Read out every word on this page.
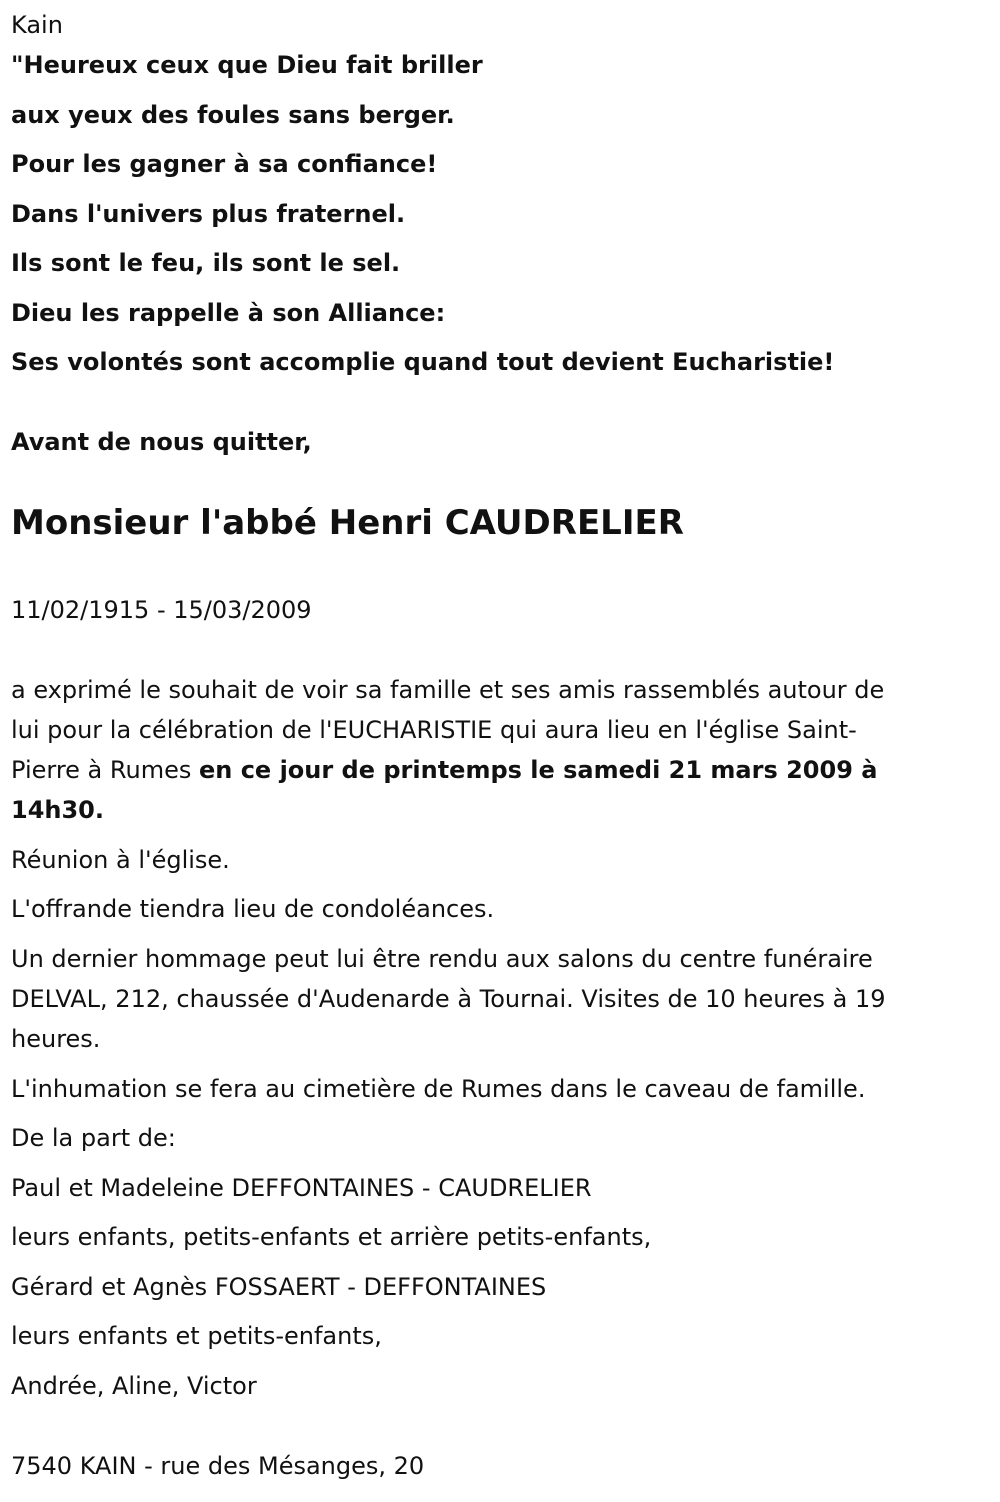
Kain
"Heureux ceux que Dieu fait briller
aux yeux des foules sans berger.
Pour les gagner à sa confiance!
Dans l'univers plus fraternel.
Ils sont le feu, ils sont le sel.
Dieu les rappelle à son Alliance:
Ses volontés sont accomplie quand tout devient Eucharistie!
Avant de nous quitter,
Monsieur l'abbé Henri CAUDRELIER
11/02/1915 - 15/03/2009
a exprimé le souhait de voir sa famille et ses amis rassemblés autour de
lui pour la célébration de l'EUCHARISTIE qui aura lieu en l'église Saint-
Pierre à Rumes en ce jour de printemps le samedi 21 mars 2009 à
14h30.
Réunion à l'église.
L'offrande tiendra lieu de condoléances.
Un dernier hommage peut lui être rendu aux salons du centre funéraire
DELVAL, 212, chaussée d'Audenarde à Tournai. Visites de 10 heures à 19
heures.
L'inhumation se fera au cimetière de Rumes dans le caveau de famille.
De la part de:
Paul et Madeleine DEFFONTAINES - CAUDRELIER
leurs enfants, petits-enfants et arrière petits-enfants,
Gérard et Agnès FOSSAERT - DEFFONTAINES
leurs enfants et petits-enfants,
Andrée, Aline, Victor
7540 KAIN - rue des Mésanges, 20
